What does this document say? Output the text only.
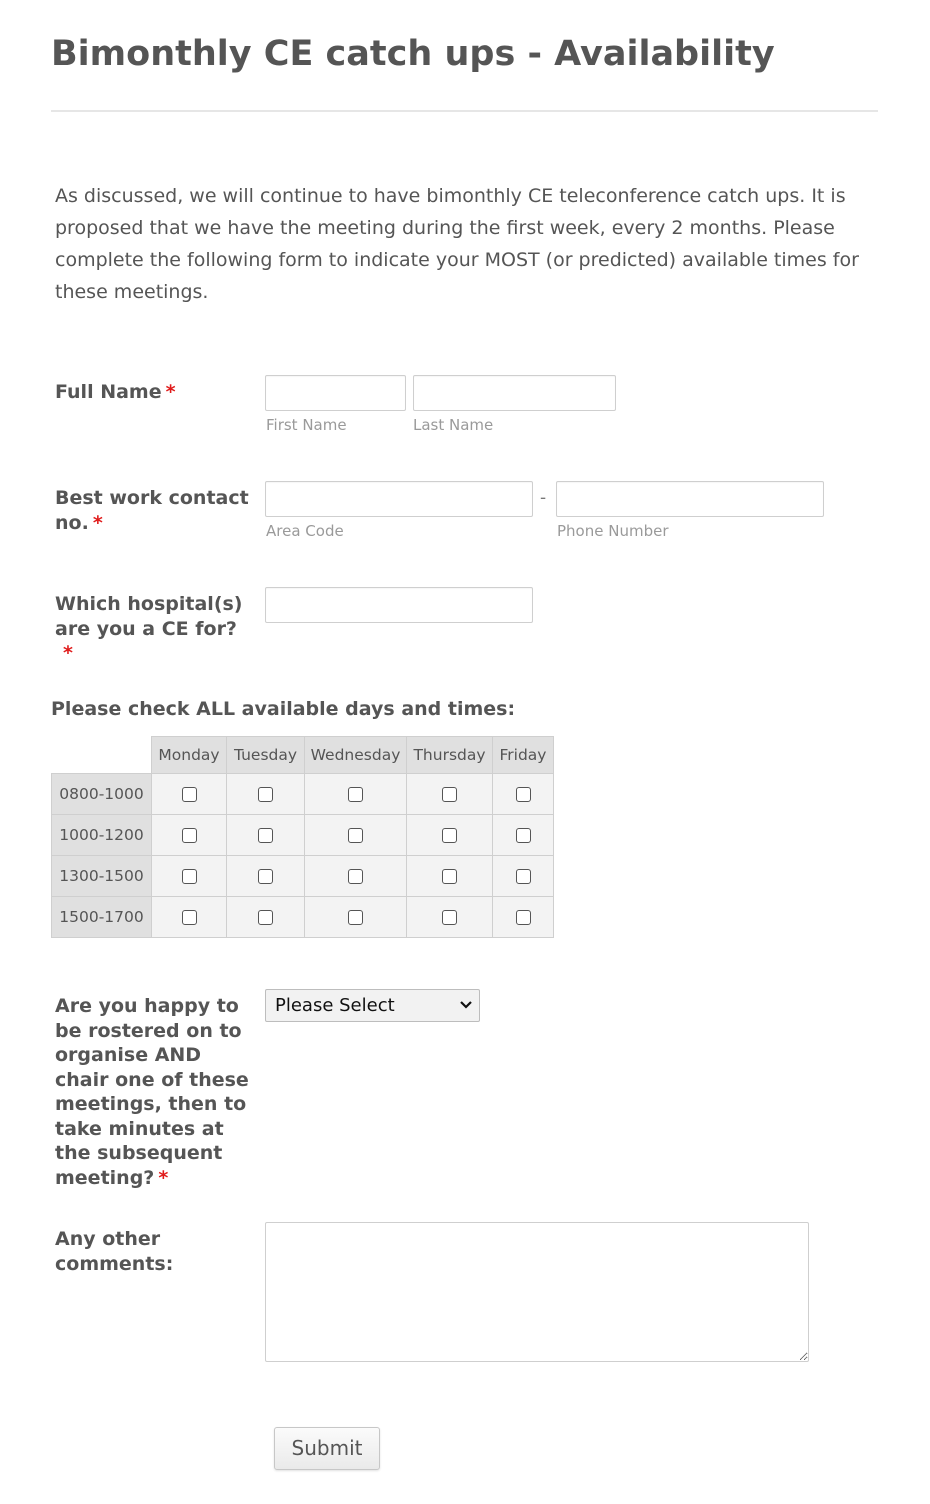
Bimonthly CE catch ups - Availability

As discussed, we will continue to have bimonthly CE teleconference catch ups. It is proposed that we have the meeting during the first week, every 2 months. Please complete the following form to indicate your MOST (or predicted) available times for these meetings.

Full Name *
First Name	Last Name
Best work contact no. *
-
Area Code	Phone Number
Which hospital(s) are you a CE for?
*
Please check ALL available days and times:
	Monday	Tuesday	Wednesday	Thursday	Friday
0800-1000					
1000-1200					
1300-1500					
1500-1700					
Are you happy to be rostered on to organise AND chair one of these meetings, then to take minutes at the subsequent meeting? *
Please Select
Any other comments:
Submit
